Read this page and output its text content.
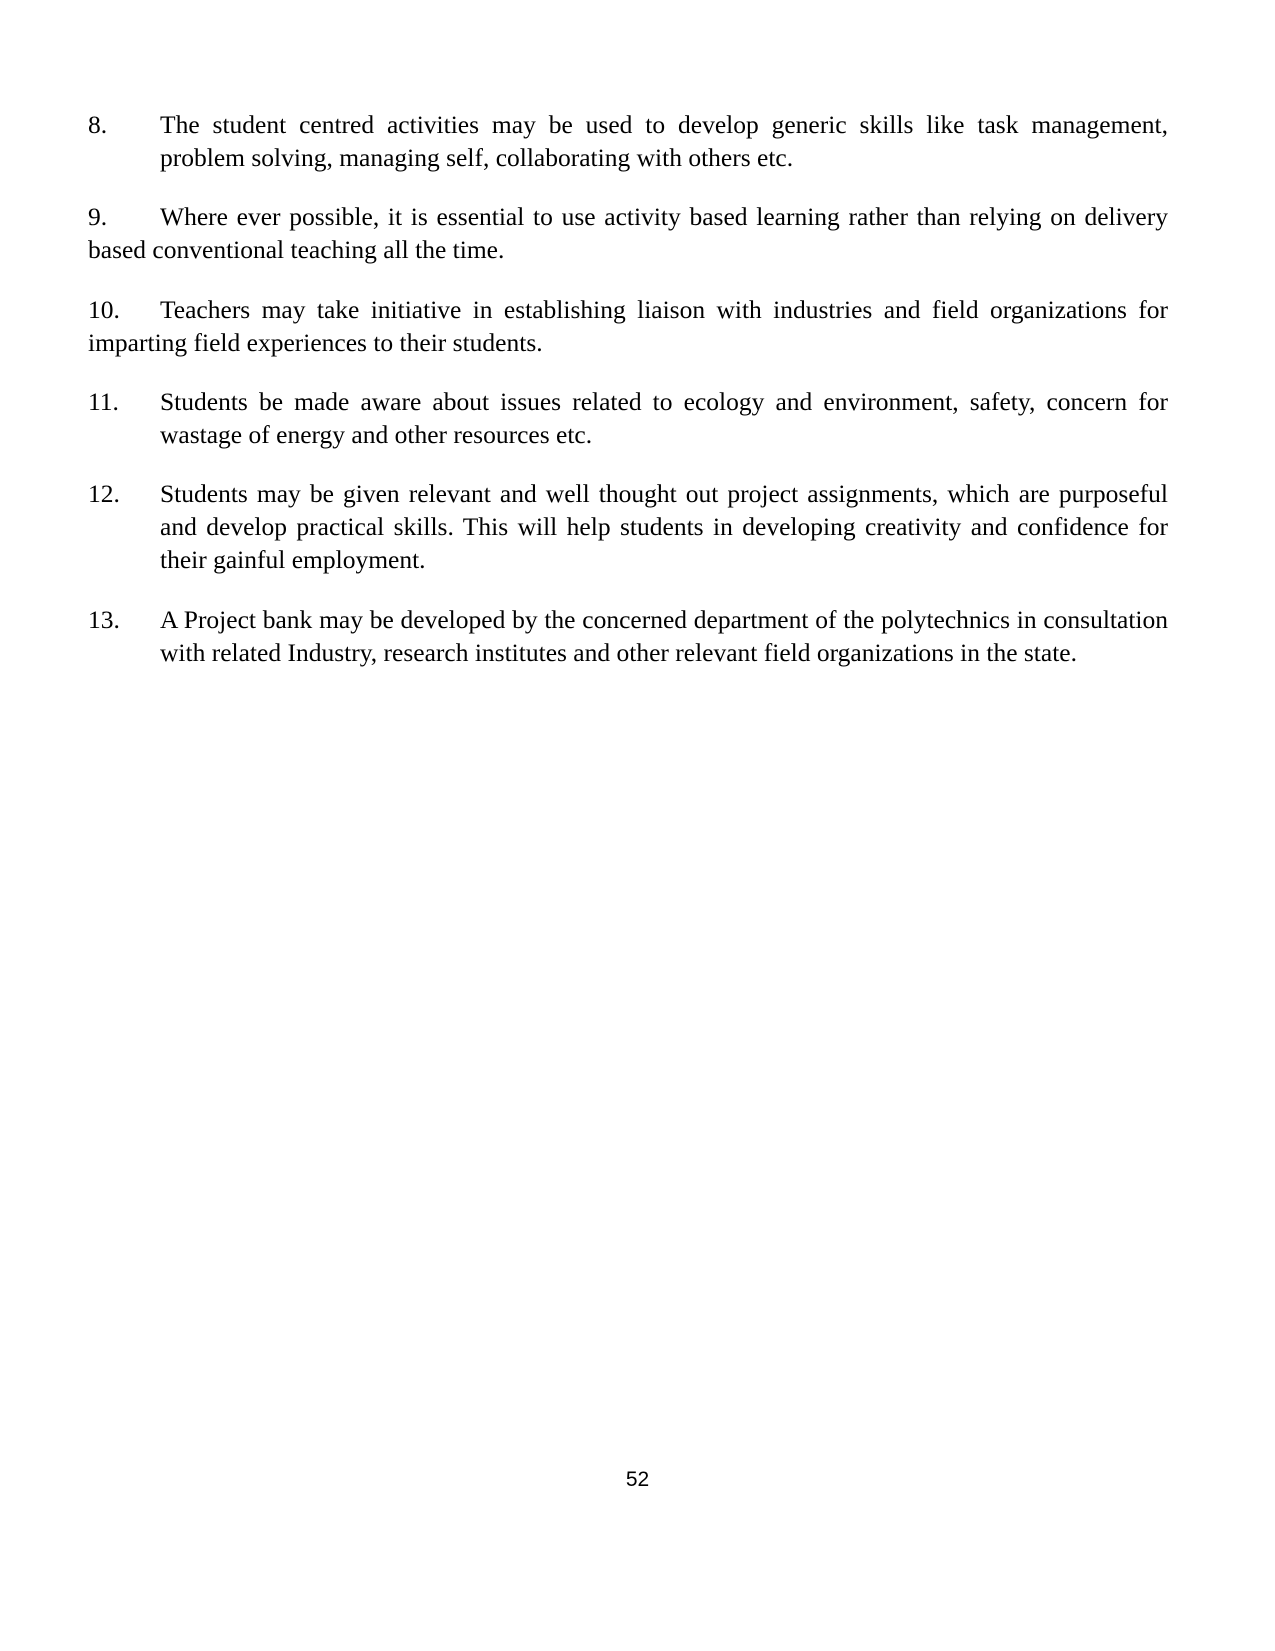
8.	The student centred activities may be used to develop generic skills like task management, problem solving, managing self, collaborating with others etc.
9.	Where ever possible, it is essential to use activity based learning rather than relying on delivery based conventional teaching all the time.
10.	Teachers may take initiative in establishing liaison with industries and field organizations for imparting field experiences to their students.
11.	Students be made aware about issues related to ecology and environment, safety, concern for wastage of energy and other resources etc.
12.	Students may be given relevant and well thought out project assignments, which are purposeful and develop practical skills. This will help students in developing creativity and confidence for their gainful employment.
13.	A Project bank may be developed by the concerned department of the polytechnics in consultation with related Industry, research institutes and other relevant field organizations in the state.
52
